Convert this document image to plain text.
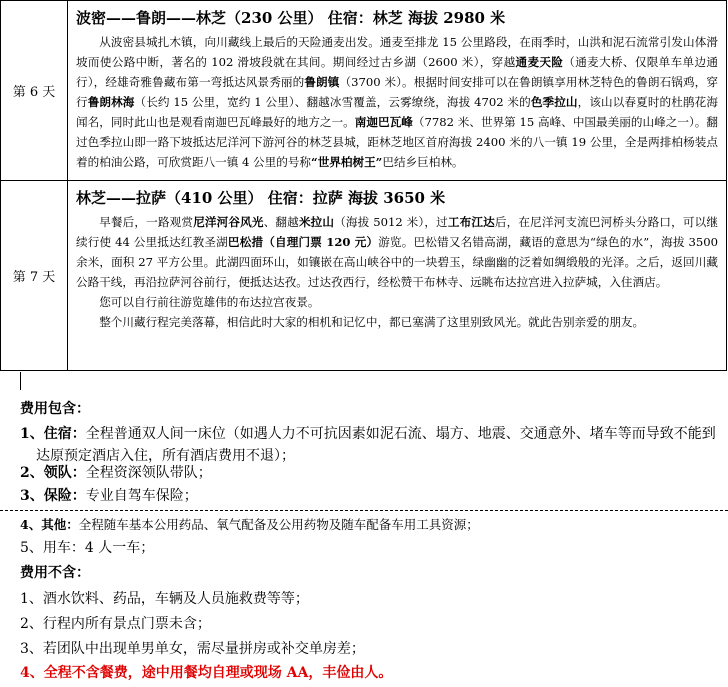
第 6 天	波密——鲁朗——林芝（230 公里） 住宿：林芝 海拔 2980 米

从波密县城扎木镇，向川藏线上最后的天险通麦出发。通麦至排龙 15 公里路段，在雨季时，山洪和泥石流常引发山体滑坡而使公路中断，著名的 102 滑坡段就在其间。期间经过古乡湖（2600 米），穿越通麦天险（通麦大桥、仅限单车单边通行），经雄奇雅鲁藏布第一弯抵达风景秀丽的鲁朗镇（3700 米）。根据时间安排可以在鲁朗镇享用林芝特色的鲁朗石锅鸡，穿行鲁朗林海（长约 15 公里，宽约 1 公里）、翻越冰雪覆盖，云雾缭绕，海拔 4702 米的色季拉山，该山以春夏时的杜鹃花海闻名，同时此山也是观看南迦巴瓦峰最好的地方之一。南迦巴瓦峰（7782 米、世界第 15 高峰、中国最美丽的山峰之一）。翻过色季拉山即一路下坡抵达尼洋河下游河谷的林芝县城，距林芝地区首府海拔 2400 米的八一镇 19 公里，全是两排柏杨装点着的柏油公路，可欣赏距八一镇 4 公里的号称“世界柏树王”巴结乡巨柏林。

第 7 天	林芝——拉萨（410 公里） 住宿：拉萨 海拔 3650 米

早餐后，一路观赏尼洋河谷风光、翻越米拉山（海拔 5012 米），过工布江达后，在尼洋河支流巴河桥头分路口，可以继续行使 44 公里抵达红教圣湖巴松措（自理门票 120 元）游览。巴松错又名错高湖，藏语的意思为“绿色的水”，海拔 3500 余米，面积 27 平方公里。此湖四面环山，如镶嵌在高山峡谷中的一块碧玉，绿幽幽的泛着如绸缎般的光泽。之后，返回川藏公路干线，再沿拉萨河谷前行，便抵达达孜。过达孜西行，经松赞干布林寺、远眺布达拉宫进入拉萨城，入住酒店。

您可以自行前往游览雄伟的布达拉宫夜景。

整个川藏行程完美落幕，相信此时大家的相机和记忆中，都已塞满了这里别致风光。就此告别亲爱的朋友。

费用包含：
1、住宿：全程普通双人间一床位（如遇人力不可抗因素如泥石流、塌方、地震、交通意外、堵车等而导致不能到达原预定酒店入住，所有酒店费用不退）；
2、领队：全程资深领队带队；
3、保险：专业自驾车保险；
4、其他：全程随车基本公用药品、氧气配备及公用药物及随车配备车用工具资源；
5、用车：4 人一车；
费用不含：
1、酒水饮料、药品，车辆及人员施救费等等；
2、行程内所有景点门票未含；
3、若团队中出现单男单女，需尽量拼房或补交单房差；
4、全程不含餐费，途中用餐均自理或现场 AA，丰俭由人。
